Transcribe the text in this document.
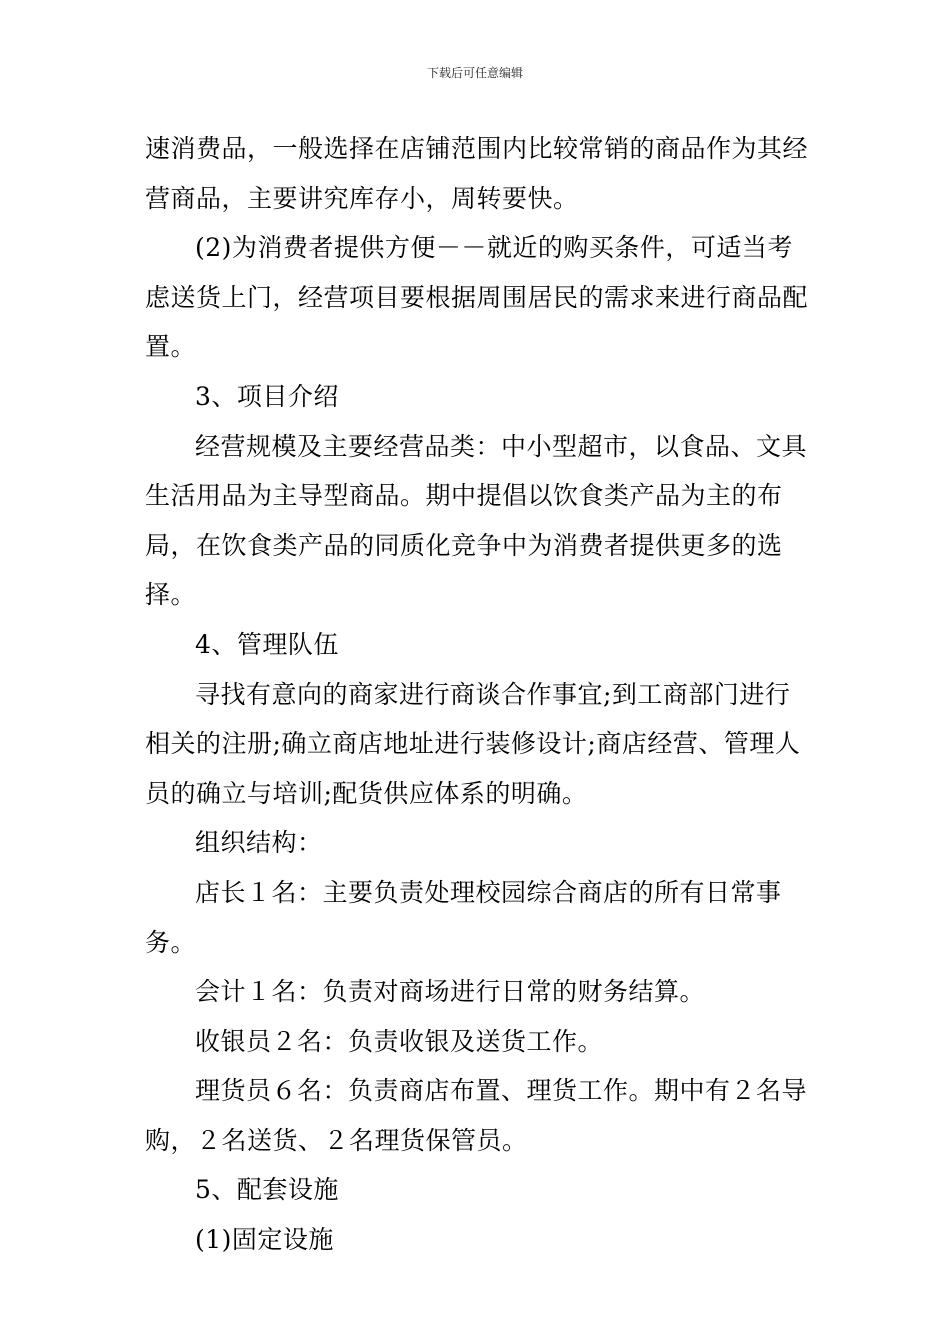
下载后可任意编辑

速消费品，一般选择在店铺范围内比较常销的商品作为其经营商品，主要讲究库存小，周转要快。

(2)为消费者提供方便－－就近的购买条件，可适当考虑送货上门，经营项目要根据周围居民的需求来进行商品配置。

3、项目介绍

经营规模及主要经营品类：中小型超市，以食品、文具生活用品为主导型商品。期中提倡以饮食类产品为主的布局，在饮食类产品的同质化竞争中为消费者提供更多的选择。

4、管理队伍

寻找有意向的商家进行商谈合作事宜;到工商部门进行相关的注册;确立商店地址进行装修设计;商店经营、管理人员的确立与培训;配货供应体系的明确。

组织结构：

店长１名：主要负责处理校园综合商店的所有日常事务。

会计１名：负责对商场进行日常的财务结算。

收银员２名：负责收银及送货工作。

理货员６名：负责商店布置、理货工作。期中有２名导购，２名送货、２名理货保管员。

5、配套设施

(1)固定设施
